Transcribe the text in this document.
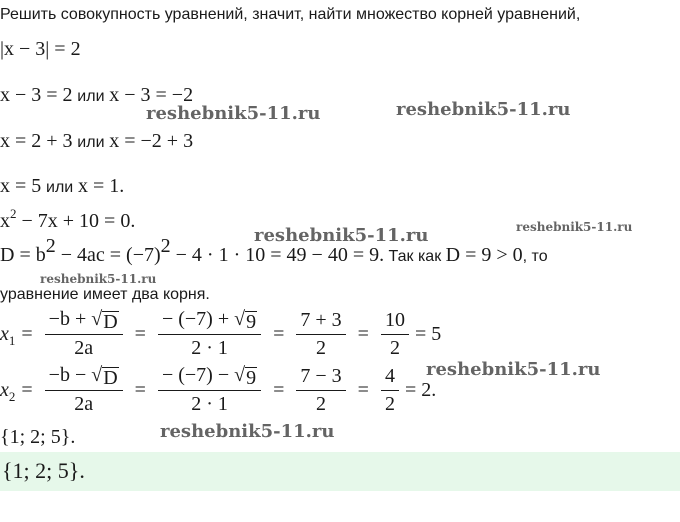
Решить совокупность уравнений, значит, найти множество корней уравнений,
|x − 3| = 2
x − 3 = 2 или x − 3 = −2
x = 2 + 3 или x = −2 + 3
x = 5 или x = 1.
$x^2 - 7x + 10 = 0$.
$D = b^2 - 4ac = (-7)^2 - 4 \cdot 1 \cdot 10 = 49 - 40 = 9$. Так как D = 9 > 0, то
уравнение имеет два корня.
$x_1 = \frac{-b + √ D}{2a} = \frac{- (-7) + √ 9}{2 \cdot 1} = \frac{7 + 3}{2} = \frac{10}{2} = 5$
$x_2 = \frac{-b - √ D}{2a} = \frac{- (-7) - √ 9}{2 \cdot 1} = \frac{7 - 3}{2} = \frac{4}{2} = 2$.
{1; 2; 5}.
{1; 2; 5}.
reshebnik5-11.ru	reshebnik5-11.ru
reshebnik5-11.ru	reshebnik5-11.ru
reshebnik5-11.ru
reshebnik5-11.ru
reshebnik5-11.ru
